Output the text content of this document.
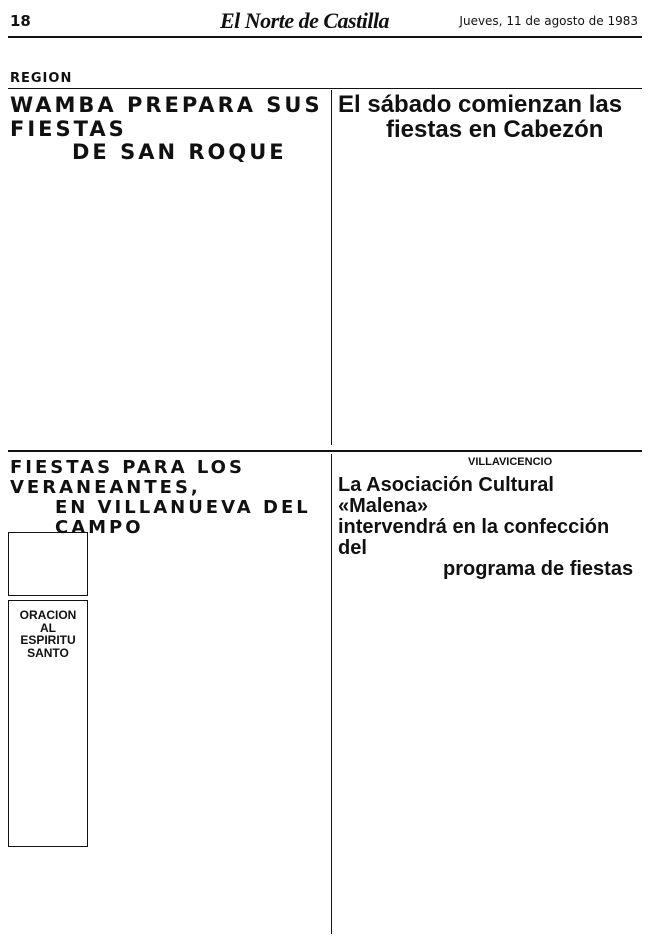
18	El Norte de Castilla	Jueves, 11 de agosto de 1983
REGION
WAMBA PREPARA SUS FIESTAS
DE SAN ROQUE
El sábado comienzan las
fiestas en Cabezón
FIESTAS PARA LOS VERANEANTES,
EN VILLANUEVA DEL CAMPO
ORACION AL
ESPIRITU SANTO
VILLAVICENCIO
La Asociación Cultural «Malena»
intervendrá en la confección del
programa de fiestas
